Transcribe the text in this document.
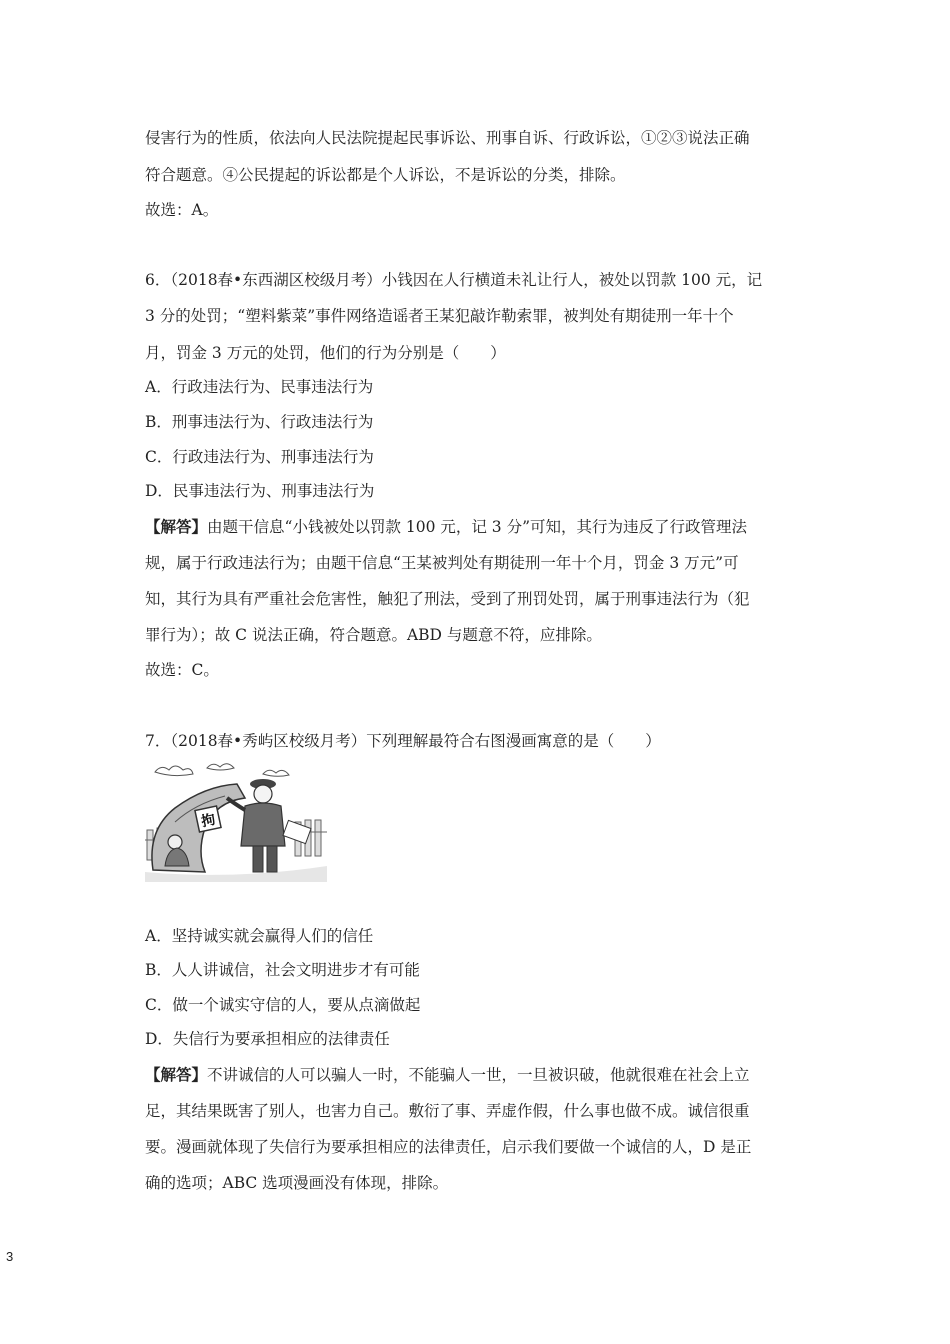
侵害行为的性质，依法向人民法院提起民事诉讼、刑事自诉、行政诉讼，①②③说法正确
符合题意。④公民提起的诉讼都是个人诉讼，不是诉讼的分类，排除。
故选：A。
6．（2018春•东西湖区校级月考）小钱因在人行横道未礼让行人，被处以罚款 100 元，记
3 分的处罚；“塑料紫菜”事件网络造谣者王某犯敲诈勒索罪，被判处有期徒刑一年十个
月，罚金 3 万元的处罚，他们的行为分别是（　　）
A．行政违法行为、民事违法行为
B．刑事违法行为、行政违法行为
C．行政违法行为、刑事违法行为
D．民事违法行为、刑事违法行为
【解答】由题干信息“小钱被处以罚款 100 元，记 3 分”可知，其行为违反了行政管理法
规，属于行政违法行为；由题干信息“王某被判处有期徒刑一年十个月，罚金 3 万元”可
知，其行为具有严重社会危害性，触犯了刑法，受到了刑罚处罚，属于刑事违法行为（犯
罪行为）；故 C 说法正确，符合题意。ABD 与题意不符，应排除。
故选：C。
7．（2018春•秀屿区校级月考）下列理解最符合右图漫画寓意的是（　　）
拘
A．坚持诚实就会赢得人们的信任
B．人人讲诚信，社会文明进步才有可能
C．做一个诚实守信的人，要从点滴做起
D．失信行为要承担相应的法律责任
【解答】不讲诚信的人可以骗人一时，不能骗人一世，一旦被识破，他就很难在社会上立
足，其结果既害了别人，也害力自己。敷衍了事、弄虚作假，什么事也做不成。诚信很重
要。漫画就体现了失信行为要承担相应的法律责任，启示我们要做一个诚信的人，D 是正
确的选项；ABC 选项漫画没有体现，排除。
3
